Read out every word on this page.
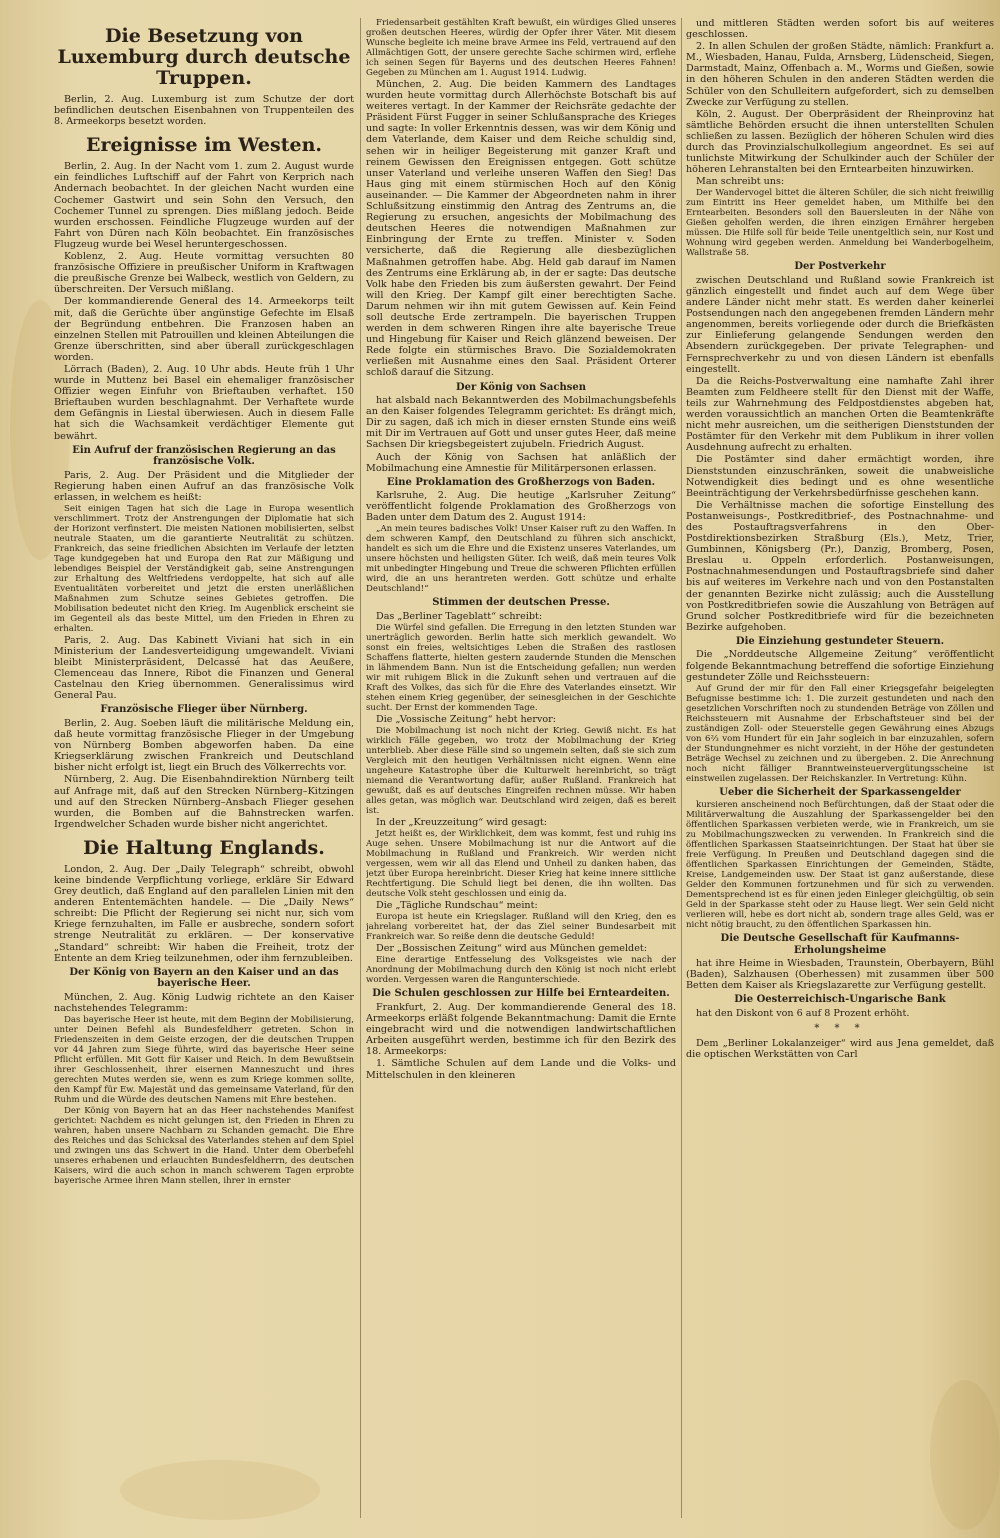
Die Besetzung von Luxemburg durch deutsche Truppen.

Berlin, 2. Aug. Luxemburg ist zum Schutze der dort befindlichen deutschen Eisenbahnen von Truppenteilen des 8. Armeekorps besetzt worden.

Ereignisse im Westen.

Berlin, 2. Aug. In der Nacht vom 1. zum 2. August wurde ein feindliches Luftschiff auf der Fahrt von Kerprich nach Andernach beobachtet. In der gleichen Nacht wurden eine Cochemer Gastwirt und sein Sohn den Versuch, den Cochemer Tunnel zu sprengen. Dies mißlang jedoch. Beide wurden erschossen. Feindliche Flugzeuge wurden auf der Fahrt von Düren nach Köln beobachtet. Ein französisches Flugzeug wurde bei Wesel heruntergeschossen.

Koblenz, 2. Aug. Heute vormittag versuchten 80 französische Offiziere in preußischer Uniform in Kraftwagen die preußische Grenze bei Walbeck, westlich von Geldern, zu überschreiten. Der Versuch mißlang.

Der kommandierende General des 14. Armeekorps teilt mit, daß die Gerüchte über angünstige Gefechte im Elsaß der Begründung entbehren. Die Franzosen haben an einzelnen Stellen mit Patrouillen und kleinen Abteilungen die Grenze überschritten, sind aber überall zurückgeschlagen worden.

Lörrach (Baden), 2. Aug. 10 Uhr abds. Heute früh 1 Uhr wurde in Muttenz bei Basel ein ehemaliger französischer Offizier wegen Einfuhr von Brieftauben verhaftet. 150 Brieftauben wurden beschlagnahmt. Der Verhaftete wurde dem Gefängnis in Liestal überwiesen. Auch in diesem Falle hat sich die Wachsamkeit verdächtiger Elemente gut bewährt.

Ein Aufruf der französischen Regierung an das französische Volk.

Paris, 2. Aug. Der Präsident und die Mitglieder der Regierung haben einen Aufruf an das französische Volk erlassen, in welchem es heißt:

Seit einigen Tagen hat sich die Lage in Europa wesentlich verschlimmert. Trotz der Anstrengungen der Diplomatie hat sich der Horizont verfinstert. Die meisten Nationen mobilisierten, selbst neutrale Staaten, um die garantierte Neutralität zu schützen. Frankreich, das seine friedlichen Absichten im Verlaufe der letzten Tage kundgegeben hat und Europa den Rat zur Mäßigung und lebendiges Beispiel der Verständigkeit gab, seine Anstrengungen zur Erhaltung des Weltfriedens verdoppelte, hat sich auf alle Eventualitäten vorbereitet und jetzt die ersten unerläßlichen Maßnahmen zum Schutze seines Gebietes getroffen. Die Mobilisation bedeutet nicht den Krieg. Im Augenblick erscheint sie im Gegenteil als das beste Mittel, um den Frieden in Ehren zu erhalten.

Paris, 2. Aug. Das Kabinett Viviani hat sich in ein Ministerium der Landesverteidigung umgewandelt. Viviani bleibt Ministerpräsident, Delcassé hat das Aeußere, Clemenceau das Innere, Ribot die Finanzen und General Castelnau den Krieg übernommen. Generalissimus wird General Pau.

Französische Flieger über Nürnberg.

Berlin, 2. Aug. Soeben läuft die militärische Meldung ein, daß heute vormittag französische Flieger in der Umgebung von Nürnberg Bomben abgeworfen haben. Da eine Kriegserklärung zwischen Frankreich und Deutschland bisher nicht erfolgt ist, liegt ein Bruch des Völkerrechts vor.

Nürnberg, 2. Aug. Die Eisenbahndirektion Nürnberg teilt auf Anfrage mit, daß auf den Strecken Nürnberg–Kitzingen und auf den Strecken Nürnberg–Ansbach Flieger gesehen wurden, die Bomben auf die Bahnstrecken warfen. Irgendwelcher Schaden wurde bisher nicht angerichtet.

Die Haltung Englands.

London, 2. Aug. Der „Daily Telegraph“ schreibt, obwohl keine bindende Verpflichtung vorliege, erkläre Sir Edward Grey deutlich, daß England auf den parallelen Linien mit den anderen Ententemächten handele. — Die „Daily News“ schreibt: Die Pflicht der Regierung sei nicht nur, sich vom Kriege fernzuhalten, im Falle er ausbreche, sondern sofort strenge Neutralität zu erklären. — Der konservative „Standard“ schreibt: Wir haben die Freiheit, trotz der Entente an dem Krieg teilzunehmen, oder ihm fernzubleiben.

Der König von Bayern an den Kaiser und an das bayerische Heer.

München, 2. Aug. König Ludwig richtete an den Kaiser nachstehendes Telegramm:

Das bayerische Heer ist heute, mit dem Beginn der Mobilisierung, unter Deinen Befehl als Bundesfeldherr getreten. Schon in Friedenszeiten in dem Geiste erzogen, der die deutschen Truppen vor 44 Jahren zum Siege führte, wird das bayerische Heer seine Pflicht erfüllen. Mit Gott für Kaiser und Reich. In dem Bewußtsein ihrer Geschlossenheit, ihrer eisernen Manneszucht und ihres gerechten Mutes werden sie, wenn es zum Kriege kommen sollte, den Kampf für Ew. Majestät und das gemeinsame Vaterland, für den Ruhm und die Würde des deutschen Namens mit Ehre bestehen.

Der König von Bayern hat an das Heer nachstehendes Manifest gerichtet: Nachdem es nicht gelungen ist, den Frieden in Ehren zu wahren, haben unsere Nachbarn zu Schanden gemacht. Die Ehre des Reiches und das Schicksal des Vaterlandes stehen auf dem Spiel und zwingen uns das Schwert in die Hand. Unter dem Oberbefehl unseres erhabenen und erlauchten Bundesfeldherrn, des deutschen Kaisers, wird die auch schon in manch schwerem Tagen erprobte bayerische Armee ihren Mann stellen, ihrer in ernster

Friedensarbeit gestählten Kraft bewußt, ein würdiges Glied unseres großen deutschen Heeres, würdig der Opfer ihrer Väter. Mit diesem Wunsche begleite ich meine brave Armee ins Feld, vertrauend auf den Allmächtigen Gott, der unsere gerechte Sache schirmen wird, erflehe ich seinen Segen für Bayerns und des deutschen Heeres Fahnen! Gegeben zu München am 1. August 1914. Ludwig.

München, 2. Aug. Die beiden Kammern des Landtages wurden heute vormittag durch Allerhöchste Botschaft bis auf weiteres vertagt. In der Kammer der Reichsräte gedachte der Präsident Fürst Fugger in seiner Schlußansprache des Krieges und sagte: In voller Erkenntnis dessen, was wir dem König und dem Vaterlande, dem Kaiser und dem Reiche schuldig sind, sehen wir in heiliger Begeisterung mit ganzer Kraft und reinem Gewissen den Ereignissen entgegen. Gott schütze unser Vaterland und verleihe unseren Waffen den Sieg! Das Haus ging mit einem stürmischen Hoch auf den König auseinander. — Die Kammer der Abgeordneten nahm in ihrer Schlußsitzung einstimmig den Antrag des Zentrums an, die Regierung zu ersuchen, angesichts der Mobilmachung des deutschen Heeres die notwendigen Maßnahmen zur Einbringung der Ernte zu treffen. Minister v. Soden versicherte, daß die Regierung alle diesbezüglichen Maßnahmen getroffen habe. Abg. Held gab darauf im Namen des Zentrums eine Erklärung ab, in der er sagte: Das deutsche Volk habe den Frieden bis zum äußersten gewahrt. Der Feind will den Krieg. Der Kampf gilt einer berechtigten Sache. Darum nehmen wir ihn mit gutem Gewissen auf. Kein Feind soll deutsche Erde zertrampeln. Die bayerischen Truppen werden in dem schweren Ringen ihre alte bayerische Treue und Hingebung für Kaiser und Reich glänzend beweisen. Der Rede folgte ein stürmisches Bravo. Die Sozialdemokraten verließen mit Ausnahme eines den Saal. Präsident Orterer schloß darauf die Sitzung.

Der König von Sachsen

hat alsbald nach Bekanntwerden des Mobilmachungsbefehls an den Kaiser folgendes Telegramm gerichtet: Es drängt mich, Dir zu sagen, daß ich mich in dieser ernsten Stunde eins weiß mit Dir im Vertrauen auf Gott und unser gutes Heer, daß meine Sachsen Dir kriegsbegeistert zujubeln. Friedrich August.

Auch der König von Sachsen hat anläßlich der Mobilmachung eine Amnestie für Militärpersonen erlassen.

Eine Proklamation des Großherzogs von Baden.

Karlsruhe, 2. Aug. Die heutige „Karlsruher Zeitung“ veröffentlicht folgende Proklamation des Großherzogs von Baden unter dem Datum des 2. August 1914:

„An mein teures badisches Volk! Unser Kaiser ruft zu den Waffen. In dem schweren Kampf, den Deutschland zu führen sich anschickt, handelt es sich um die Ehre und die Existenz unseres Vaterlandes, um unsere höchsten und heiligsten Güter. Ich weiß, daß mein teures Volk mit unbedingter Hingebung und Treue die schweren Pflichten erfüllen wird, die an uns herantreten werden. Gott schütze und erhalte Deutschland!“

Stimmen der deutschen Presse.

Das „Berliner Tageblatt“ schreibt:

Die Würfel sind gefallen. Die Erregung in den letzten Stunden war unerträglich geworden. Berlin hatte sich merklich gewandelt. Wo sonst ein freies, weltsichtiges Leben die Straßen des rastlosen Schaffens flatterte, hielten gestern zaudernde Stunden die Menschen in lähmendem Bann. Nun ist die Entscheidung gefallen; nun werden wir mit ruhigem Blick in die Zukunft sehen und vertrauen auf die Kraft des Volkes, das sich für die Ehre des Vaterlandes einsetzt. Wir stehen einem Krieg gegenüber, der seinesgleichen in der Geschichte sucht. Der Ernst der kommenden Tage.

Die „Vossische Zeitung“ hebt hervor:

Die Mobilmachung ist noch nicht der Krieg. Gewiß nicht. Es hat wirklich Fälle gegeben, wo trotz der Mobilmachung der Krieg unterblieb. Aber diese Fälle sind so ungemein selten, daß sie sich zum Vergleich mit den heutigen Verhältnissen nicht eignen. Wenn eine ungeheure Katastrophe über die Kulturwelt hereinbricht, so trägt niemand die Verantwortung dafür, außer Rußland. Frankreich hat gewußt, daß es auf deutsches Eingreifen rechnen müsse. Wir haben alles getan, was möglich war. Deutschland wird zeigen, daß es bereit ist.

In der „Kreuzzeitung“ wird gesagt:

Jetzt heißt es, der Wirklichkeit, dem was kommt, fest und ruhig ins Auge sehen. Unsere Mobilmachung ist nur die Antwort auf die Mobilmachung in Rußland und Frankreich. Wir werden nicht vergessen, wem wir all das Elend und Unheil zu danken haben, das jetzt über Europa hereinbricht. Dieser Krieg hat keine innere sittliche Rechtfertigung. Die Schuld liegt bei denen, die ihn wollten. Das deutsche Volk steht geschlossen und einig da.

Die „Tägliche Rundschau“ meint:

Europa ist heute ein Kriegslager. Rußland will den Krieg, den es jahrelang vorbereitet hat, der das Ziel seiner Bundesarbeit mit Frankreich war. So reiße denn die deutsche Geduld!

Der „Bossischen Zeitung“ wird aus München gemeldet:

Eine derartige Entfesselung des Volksgeistes wie nach der Anordnung der Mobilmachung durch den König ist noch nicht erlebt worden. Vergessen waren die Rangunterschiede.

Die Schulen geschlossen zur Hilfe bei Ernteardeiten.

Frankfurt, 2. Aug. Der kommandierende General des 18. Armeekorps erläßt folgende Bekanntmachung: Damit die Ernte eingebracht wird und die notwendigen landwirtschaftlichen Arbeiten ausgeführt werden, bestimme ich für den Bezirk des 18. Armeekorps:

1. Sämtliche Schulen auf dem Lande und die Volks- und Mittelschulen in den kleineren

und mittleren Städten werden sofort bis auf weiteres geschlossen.

2. In allen Schulen der großen Städte, nämlich: Frankfurt a. M., Wiesbaden, Hanau, Fulda, Arnsberg, Lüdenscheid, Siegen, Darmstadt, Mainz, Offenbach a. M., Worms und Gießen, sowie in den höheren Schulen in den anderen Städten werden die Schüler von den Schulleitern aufgefordert, sich zu demselben Zwecke zur Verfügung zu stellen.

Köln, 2. August. Der Oberpräsident der Rheinprovinz hat sämtliche Behörden ersucht die ihnen unterstellten Schulen schließen zu lassen. Bezüglich der höheren Schulen wird dies durch das Provinzialschulkollegium angeordnet. Es sei auf tunlichste Mitwirkung der Schulkinder auch der Schüler der höheren Lehranstalten bei den Erntearbeiten hinzuwirken.

Man schreibt uns:

Der Wandervogel bittet die älteren Schüler, die sich nicht freiwillig zum Eintritt ins Heer gemeldet haben, um Mithilfe bei den Erntearbeiten. Besonders soll den Bauersleuten in der Nähe von Gießen geholfen werden, die ihren einzigen Ernährer hergeben müssen. Die Hilfe soll für beide Teile unentgeltlich sein, nur Kost und Wohnung wird gegeben werden. Anmeldung bei Wanderbogelheim, Wallstraße 58.

Der Postverkehr

zwischen Deutschland und Rußland sowie Frankreich ist gänzlich eingestellt und findet auch auf dem Wege über andere Länder nicht mehr statt. Es werden daher keinerlei Postsendungen nach den angegebenen fremden Ländern mehr angenommen, bereits vorliegende oder durch die Briefkästen zur Einlieferung gelangende Sendungen werden den Absendern zurückgegeben. Der private Telegraphen- und Fernsprechverkehr zu und von diesen Ländern ist ebenfalls eingestellt.

Da die Reichs-Postverwaltung eine namhafte Zahl ihrer Beamten zum Feldheere stellt für den Dienst mit der Waffe, teils zur Wahrnehmung des Feldpostdienstes abgeben hat, werden voraussichtlich an manchen Orten die Beamtenkräfte nicht mehr ausreichen, um die seitherigen Dienststunden der Postämter für den Verkehr mit dem Publikum in ihrer vollen Ausdehnung aufrecht zu erhalten.

Die Postämter sind daher ermächtigt worden, ihre Dienststunden einzuschränken, soweit die unabweisliche Notwendigkeit dies bedingt und es ohne wesentliche Beeinträchtigung der Verkehrsbedürfnisse geschehen kann.

Die Verhältnisse machen die sofortige Einstellung des Postanweisungs-, Postkreditbrief-, des Postnachnahme- und des Postauftragsverfahrens in den Ober-Postdirektionsbezirken Straßburg (Els.), Metz, Trier, Gumbinnen, Königsberg (Pr.), Danzig, Bromberg, Posen, Breslau u. Oppeln erforderlich. Postanweisungen, Postnachnahmesendungen und Postauftragsbriefe sind daher bis auf weiteres im Verkehre nach und von den Postanstalten der genannten Bezirke nicht zulässig; auch die Ausstellung von Postkreditbriefen sowie die Auszahlung von Beträgen auf Grund solcher Postkreditbriefe wird für die bezeichneten Bezirke aufgehoben.

Die Einziehung gestundeter Steuern.

Die „Norddeutsche Allgemeine Zeitung“ veröffentlicht folgende Bekanntmachung betreffend die sofortige Einziehung gestundeter Zölle und Reichssteuern:

Auf Grund der mir für den Fall einer Kriegsgefahr beigelegten Befugnisse bestimme ich: 1. Die zurzeit gestundeten und nach den gesetzlichen Vorschriften noch zu stundenden Beträge von Zöllen und Reichssteuern mit Ausnahme der Erbschaftsteuer sind bei der zuständigen Zoll- oder Steuerstelle gegen Gewährung eines Abzugs von 6⅔ vom Hundert für ein Jahr sogleich in bar einzuzahlen, sofern der Stundungnehmer es nicht vorzieht, in der Höhe der gestundeten Beträge Wechsel zu zeichnen und zu übergeben. 2. Die Anrechnung noch nicht fälliger Branntweinsteuervergütungsscheine ist einstweilen zugelassen. Der Reichskanzler. In Vertretung: Kühn.

Ueber die Sicherheit der Sparkassengelder

kursieren anscheinend noch Befürchtungen, daß der Staat oder die Militärverwaltung die Auszahlung der Sparkassengelder bei den öffentlichen Sparkassen verbieten werde, wie in Frankreich, um sie zu Mobilmachungszwecken zu verwenden. In Frankreich sind die öffentlichen Sparkassen Staatseinrichtungen. Der Staat hat über sie freie Verfügung. In Preußen und Deutschland dagegen sind die öffentlichen Sparkassen Einrichtungen der Gemeinden, Städte, Kreise, Landgemeinden usw. Der Staat ist ganz außerstande, diese Gelder den Kommunen fortzunehmen und für sich zu verwenden. Dementsprechend ist es für einen jeden Einleger gleichgültig, ob sein Geld in der Sparkasse steht oder zu Hause liegt. Wer sein Geld nicht verlieren will, hebe es dort nicht ab, sondern trage alles Geld, was er nicht nötig braucht, zu den öffentlichen Sparkassen hin.

Die Deutsche Gesellschaft für Kaufmanns-Erholungsheime

hat ihre Heime in Wiesbaden, Traunstein, Oberbayern, Bühl (Baden), Salzhausen (Oberhessen) mit zusammen über 500 Betten dem Kaiser als Kriegslazarette zur Verfügung gestellt.

Die Oesterreichisch-Ungarische Bank

hat den Diskont von 6 auf 8 Prozent erhöht.

* * *

Dem „Berliner Lokalanzeiger“ wird aus Jena gemeldet, daß die optischen Werkstätten von Carl
